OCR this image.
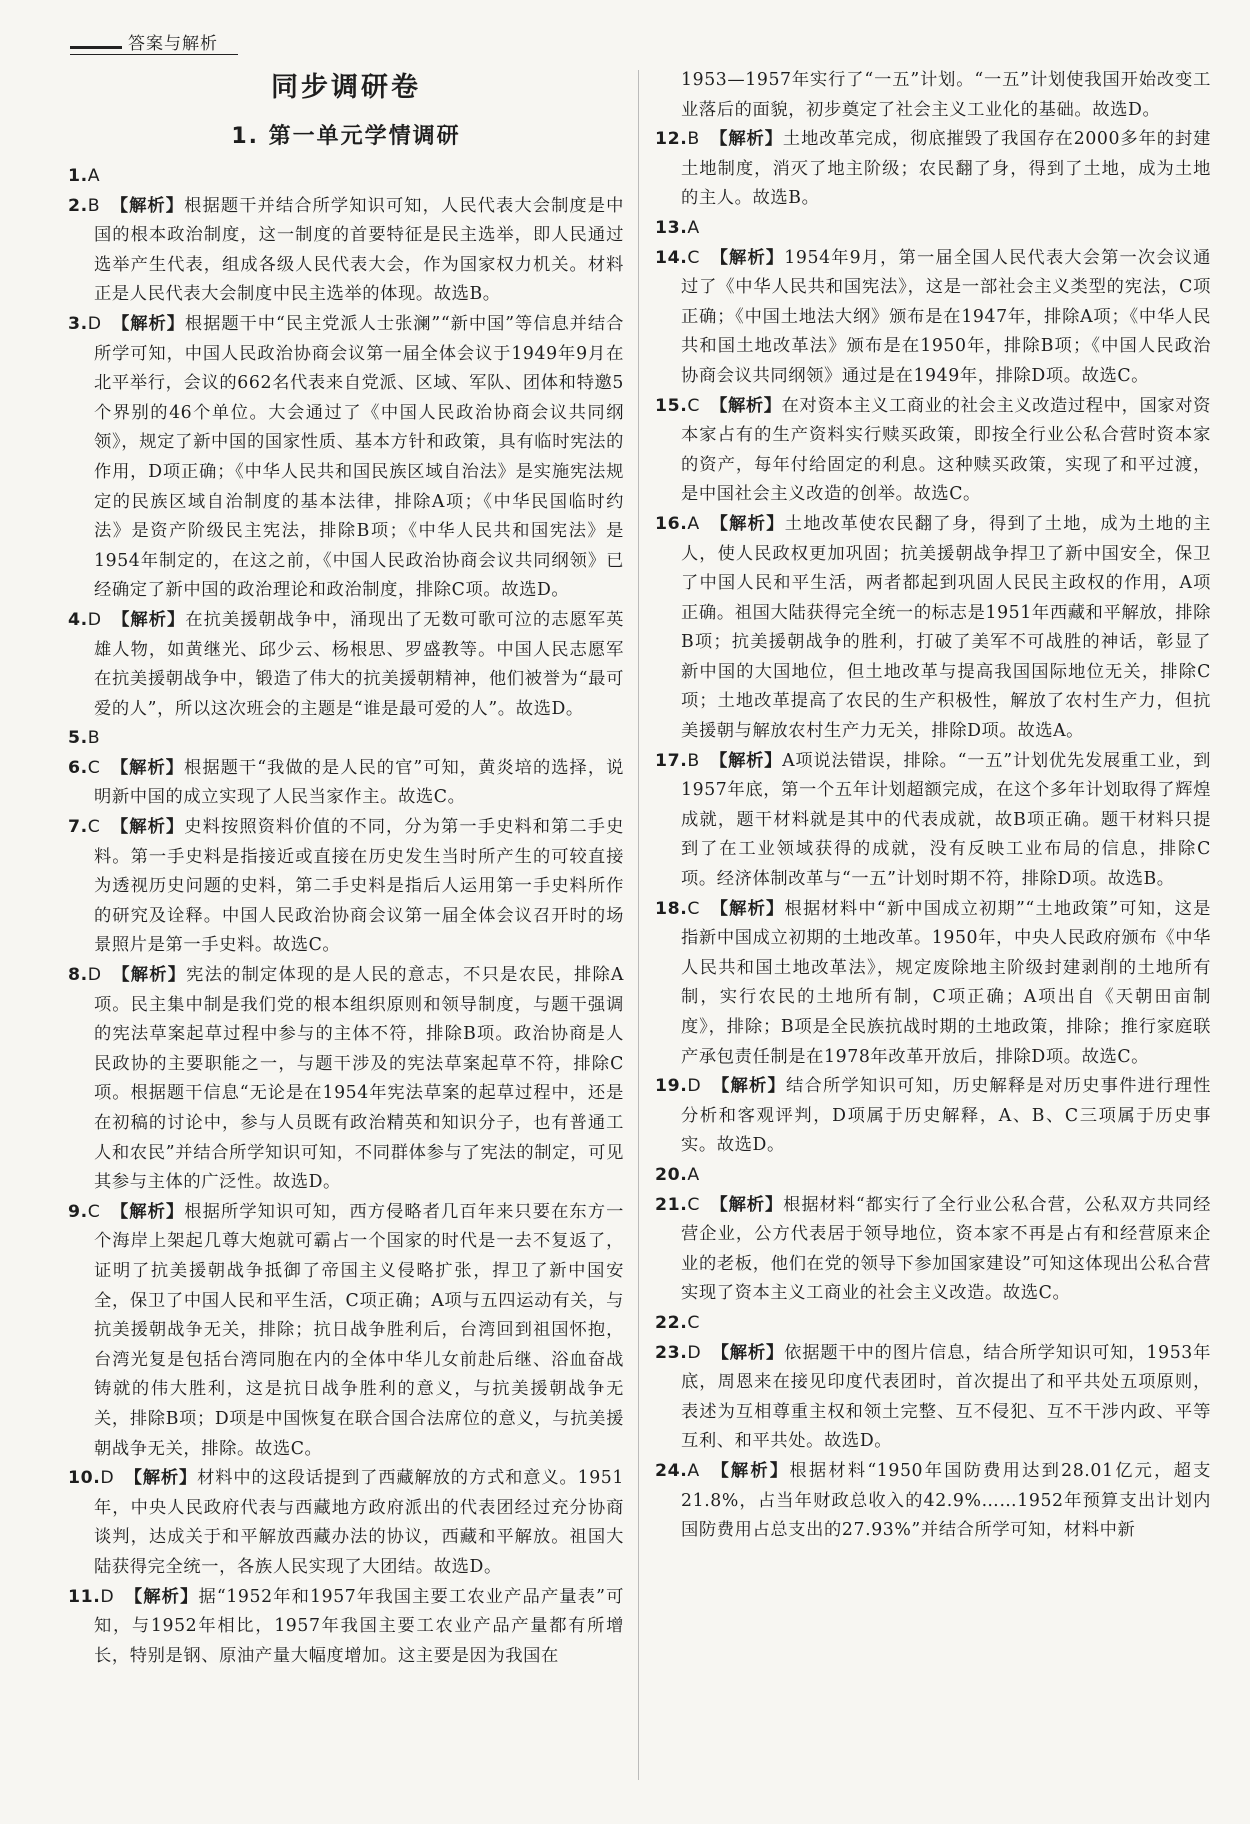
答案与解析
同步调研卷
1. 第一单元学情调研

1.A

2.B 【解析】根据题干并结合所学知识可知，人民代表大会制度是中国的根本政治制度，这一制度的首要特征是民主选举，即人民通过选举产生代表，组成各级人民代表大会，作为国家权力机关。材料正是人民代表大会制度中民主选举的体现。故选B。

3.D 【解析】根据题干中“民主党派人士张澜”“新中国”等信息并结合所学可知，中国人民政治协商会议第一届全体会议于1949年9月在北平举行，会议的662名代表来自党派、区域、军队、团体和特邀5个界别的46个单位。大会通过了《中国人民政治协商会议共同纲领》，规定了新中国的国家性质、基本方针和政策，具有临时宪法的作用，D项正确；《中华人民共和国民族区域自治法》是实施宪法规定的民族区域自治制度的基本法律，排除A项；《中华民国临时约法》是资产阶级民主宪法，排除B项；《中华人民共和国宪法》是1954年制定的，在这之前，《中国人民政治协商会议共同纲领》已经确定了新中国的政治理论和政治制度，排除C项。故选D。

4.D 【解析】在抗美援朝战争中，涌现出了无数可歌可泣的志愿军英雄人物，如黄继光、邱少云、杨根思、罗盛教等。中国人民志愿军在抗美援朝战争中，锻造了伟大的抗美援朝精神，他们被誉为“最可爱的人”，所以这次班会的主题是“谁是最可爱的人”。故选D。

5.B

6.C 【解析】根据题干“我做的是人民的官”可知，黄炎培的选择，说明新中国的成立实现了人民当家作主。故选C。

7.C 【解析】史料按照资料价值的不同，分为第一手史料和第二手史料。第一手史料是指接近或直接在历史发生当时所产生的可较直接为透视历史问题的史料，第二手史料是指后人运用第一手史料所作的研究及诠释。中国人民政治协商会议第一届全体会议召开时的场景照片是第一手史料。故选C。

8.D 【解析】宪法的制定体现的是人民的意志，不只是农民，排除A项。民主集中制是我们党的根本组织原则和领导制度，与题干强调的宪法草案起草过程中参与的主体不符，排除B项。政治协商是人民政协的主要职能之一，与题干涉及的宪法草案起草不符，排除C项。根据题干信息“无论是在1954年宪法草案的起草过程中，还是在初稿的讨论中，参与人员既有政治精英和知识分子，也有普通工人和农民”并结合所学知识可知，不同群体参与了宪法的制定，可见其参与主体的广泛性。故选D。

9.C 【解析】根据所学知识可知，西方侵略者几百年来只要在东方一个海岸上架起几尊大炮就可霸占一个国家的时代是一去不复返了，证明了抗美援朝战争抵御了帝国主义侵略扩张，捍卫了新中国安全，保卫了中国人民和平生活，C项正确；A项与五四运动有关，与抗美援朝战争无关，排除；抗日战争胜利后，台湾回到祖国怀抱，台湾光复是包括台湾同胞在内的全体中华儿女前赴后继、浴血奋战铸就的伟大胜利，这是抗日战争胜利的意义，与抗美援朝战争无关，排除B项；D项是中国恢复在联合国合法席位的意义，与抗美援朝战争无关，排除。故选C。

10.D 【解析】材料中的这段话提到了西藏解放的方式和意义。1951年，中央人民政府代表与西藏地方政府派出的代表团经过充分协商谈判，达成关于和平解放西藏办法的协议，西藏和平解放。祖国大陆获得完全统一，各族人民实现了大团结。故选D。

11.D 【解析】据“1952年和1957年我国主要工农业产品产量表”可知，与1952年相比，1957年我国主要工农业产品产量都有所增长，特别是钢、原油产量大幅度增加。这主要是因为我国在

1953—1957年实行了“一五”计划。“一五”计划使我国开始改变工业落后的面貌，初步奠定了社会主义工业化的基础。故选D。

12.B 【解析】土地改革完成，彻底摧毁了我国存在2000多年的封建土地制度，消灭了地主阶级；农民翻了身，得到了土地，成为土地的主人。故选B。

13.A

14.C 【解析】1954年9月，第一届全国人民代表大会第一次会议通过了《中华人民共和国宪法》，这是一部社会主义类型的宪法，C项正确；《中国土地法大纲》颁布是在1947年，排除A项；《中华人民共和国土地改革法》颁布是在1950年，排除B项；《中国人民政治协商会议共同纲领》通过是在1949年，排除D项。故选C。

15.C 【解析】在对资本主义工商业的社会主义改造过程中，国家对资本家占有的生产资料实行赎买政策，即按全行业公私合营时资本家的资产，每年付给固定的利息。这种赎买政策，实现了和平过渡，是中国社会主义改造的创举。故选C。

16.A 【解析】土地改革使农民翻了身，得到了土地，成为土地的主人，使人民政权更加巩固；抗美援朝战争捍卫了新中国安全，保卫了中国人民和平生活，两者都起到巩固人民民主政权的作用，A项正确。祖国大陆获得完全统一的标志是1951年西藏和平解放，排除B项；抗美援朝战争的胜利，打破了美军不可战胜的神话，彰显了新中国的大国地位，但土地改革与提高我国国际地位无关，排除C项；土地改革提高了农民的生产积极性，解放了农村生产力，但抗美援朝与解放农村生产力无关，排除D项。故选A。

17.B 【解析】A项说法错误，排除。“一五”计划优先发展重工业，到1957年底，第一个五年计划超额完成，在这个多年计划取得了辉煌成就，题干材料就是其中的代表成就，故B项正确。题干材料只提到了在工业领域获得的成就，没有反映工业布局的信息，排除C项。经济体制改革与“一五”计划时期不符，排除D项。故选B。

18.C 【解析】根据材料中“新中国成立初期”“土地政策”可知，这是指新中国成立初期的土地改革。1950年，中央人民政府颁布《中华人民共和国土地改革法》，规定废除地主阶级封建剥削的土地所有制，实行农民的土地所有制，C项正确；A项出自《天朝田亩制度》，排除；B项是全民族抗战时期的土地政策，排除；推行家庭联产承包责任制是在1978年改革开放后，排除D项。故选C。

19.D 【解析】结合所学知识可知，历史解释是对历史事件进行理性分析和客观评判，D项属于历史解释，A、B、C三项属于历史事实。故选D。

20.A

21.C 【解析】根据材料“都实行了全行业公私合营，公私双方共同经营企业，公方代表居于领导地位，资本家不再是占有和经营原来企业的老板，他们在党的领导下参加国家建设”可知这体现出公私合营实现了资本主义工商业的社会主义改造。故选C。

22.C

23.D 【解析】依据题干中的图片信息，结合所学知识可知，1953年底，周恩来在接见印度代表团时，首次提出了和平共处五项原则，表述为互相尊重主权和领土完整、互不侵犯、互不干涉内政、平等互利、和平共处。故选D。

24.A 【解析】根据材料“1950年国防费用达到28.01亿元，超支21.8%，占当年财政总收入的42.9%……1952年预算支出计划内国防费用占总支出的27.93%”并结合所学可知，材料中新
